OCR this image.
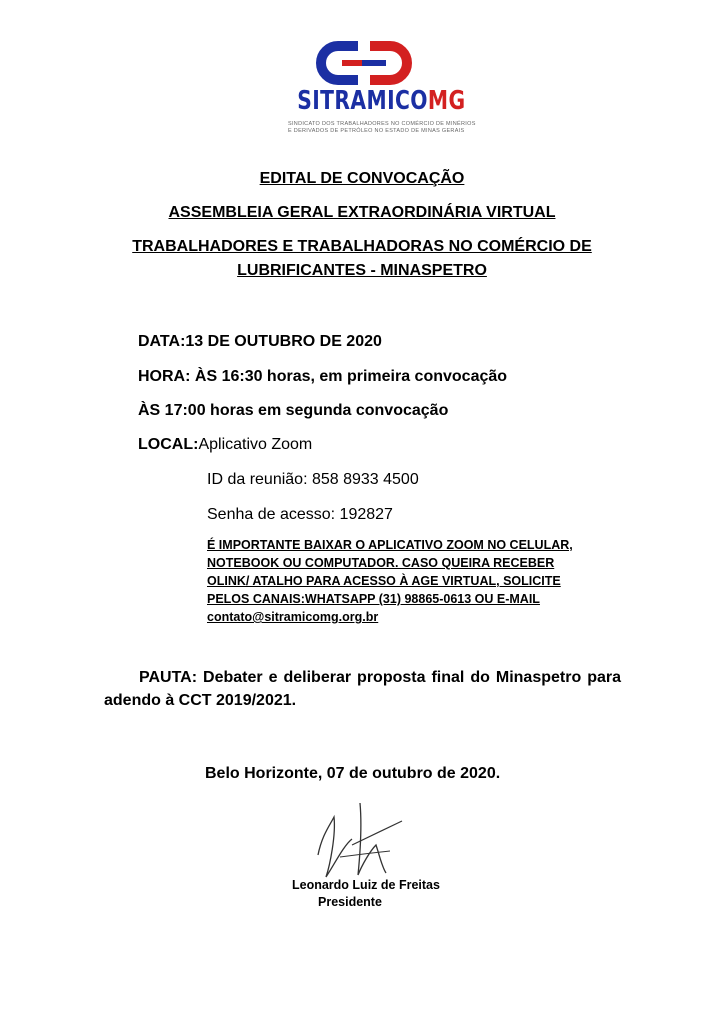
SITRAMICOMG
SINDICATO DOS TRABALHADORES NO COMÉRCIO DE MINÉRIOS
E DERIVADOS DE PETRÓLEO NO ESTADO DE MINAS GERAIS
EDITAL DE CONVOCAÇÃO
ASSEMBLEIA GERAL EXTRAORDINÁRIA VIRTUAL
TRABALHADORES E TRABALHADORAS NO COMÉRCIO DE
LUBRIFICANTES - MINASPETRO
DATA:13 DE OUTUBRO DE 2020
HORA: ÀS 16:30 horas, em primeira convocação
ÀS 17:00 horas em segunda convocação
LOCAL:Aplicativo Zoom
ID da reunião: 858 8933 4500
Senha de acesso: 192827
É IMPORTANTE BAIXAR O APLICATIVO ZOOM NO CELULAR,
NOTEBOOK OU COMPUTADOR. CASO QUEIRA RECEBER
OLINK/ ATALHO PARA ACESSO À AGE VIRTUAL, SOLICITE
PELOS CANAIS:WHATSAPP (31) 98865-0613 OU E-MAIL
contato@sitramicomg.org.br
PAUTA: Debater e deliberar proposta final do Minaspetro para adendo à CCT 2019/2021.
Belo Horizonte, 07 de outubro de 2020.
Leonardo Luiz de Freitas
Presidente
